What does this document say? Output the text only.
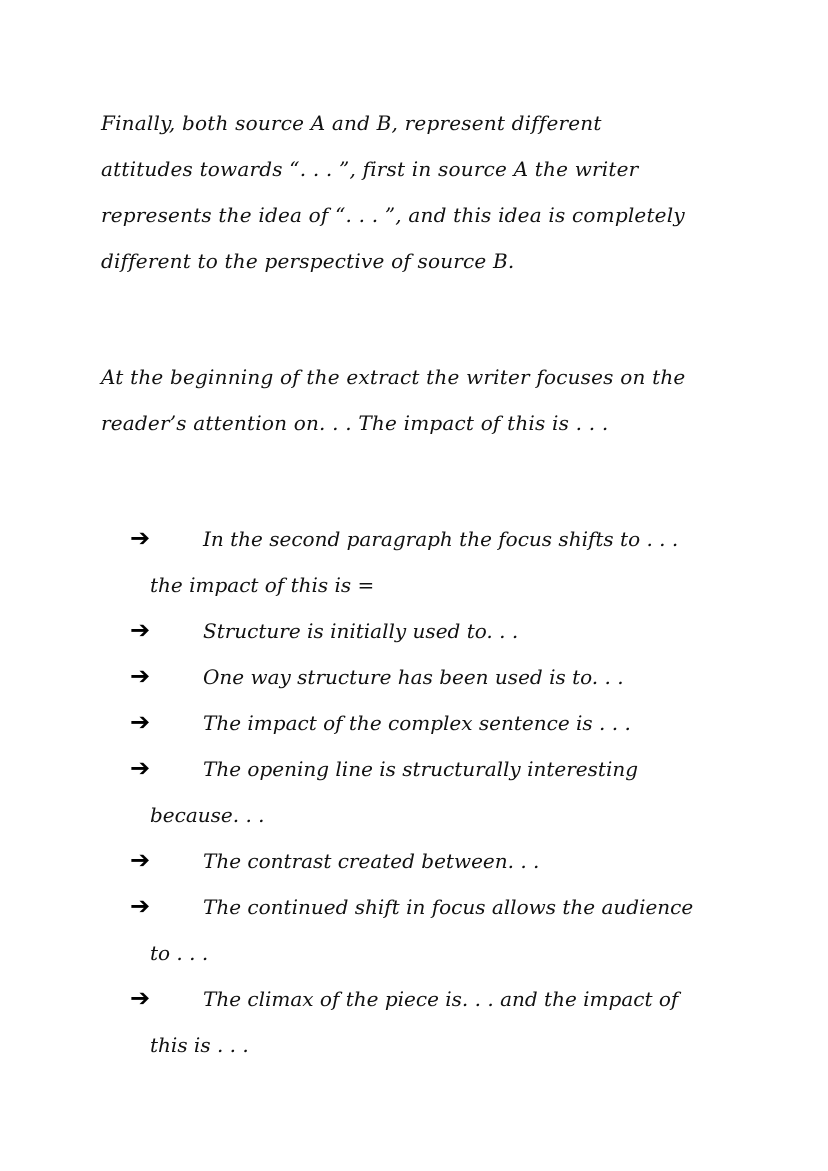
Finally, both source A and B, represent different
attitudes towards “. . . ”, first in source A the writer
represents the idea of “. . . ”, and this idea is completely
different to the perspective of source B.

At the beginning of the extract the writer focuses on the
reader’s attention on. . . The impact of this is . . .

➔	In the second paragraph the focus shifts to . . .
the impact of this is =
➔	Structure is initially used to. . .
➔	One way structure has been used is to. . .
➔	The impact of the complex sentence is . . .
➔	The opening line is structurally interesting
because. . .
➔	The contrast created between. . .
➔	The continued shift in focus allows the audience
to . . .
➔	The climax of the piece is. . . and the impact of
this is . . .
